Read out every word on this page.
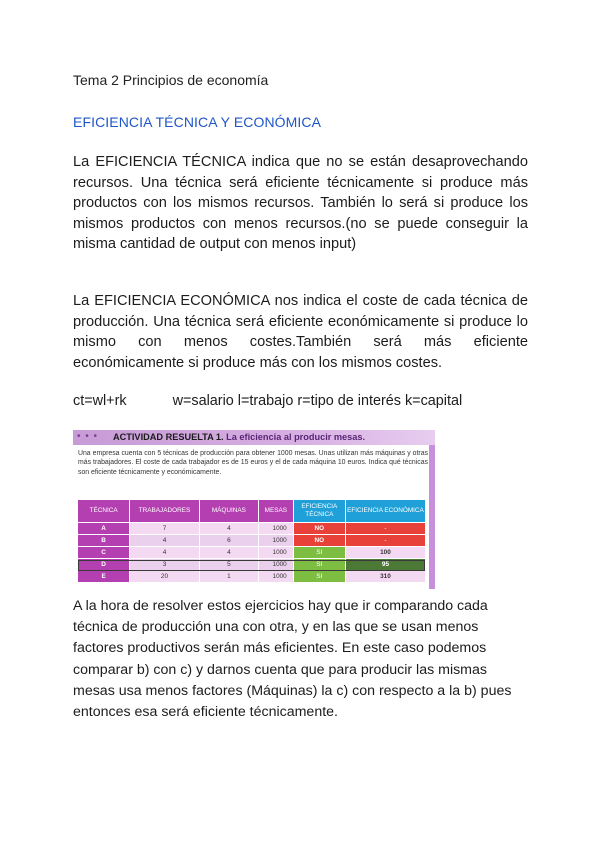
Tema 2 Principios de economía
EFICIENCIA TÉCNICA Y ECONÓMICA
La EFICIENCIA TÉCNICA indica que no se están desaprovechando recursos. Una técnica será eficiente técnicamente si produce más productos con los mismos recursos. También lo será si produce los mismos productos con menos recursos.(no se puede conseguir la misma cantidad de output con menos input)
La EFICIENCIA ECONÓMICA nos indica el coste de cada técnica de producción. Una técnica será eficiente económicamente si produce lo mismo con menos costes.También será más eficiente económicamente si produce más con los mismos costes.
ct=wl+rk	w=salario l=trabajo r=tipo de interés k=capital
• • • ACTIVIDAD RESUELTA 1. La eficiencia al producir mesas.
Una empresa cuenta con 5 técnicas de producción para obtener 1000 mesas. Unas utilizan más máquinas y otras más trabajadores. El coste de cada trabajador es de 15 euros y el de cada máquina 10 euros. Indica qué técnicas son eficiente técnicamente y económicamente.
TÉCNICA	TRABAJADORES	MÁQUINAS	MESAS	EFICIENCIA TÉCNICA	EFICIENCIA ECONÓMICA
A	7	4	1000	NO	-
B	4	6	1000	NO	-
C	4	4	1000	SI	100
D	3	5	1000	SI	95
E	20	1	1000	SI	310
A la hora de resolver estos ejercicios hay que ir comparando cada técnica de producción una con otra, y en las que se usan menos factores productivos serán más eficientes. En este caso podemos comparar b) con c) y darnos cuenta que para producir las mismas mesas usa menos factores (Máquinas) la c) con respecto a la b) pues entonces esa será eficiente técnicamente.
